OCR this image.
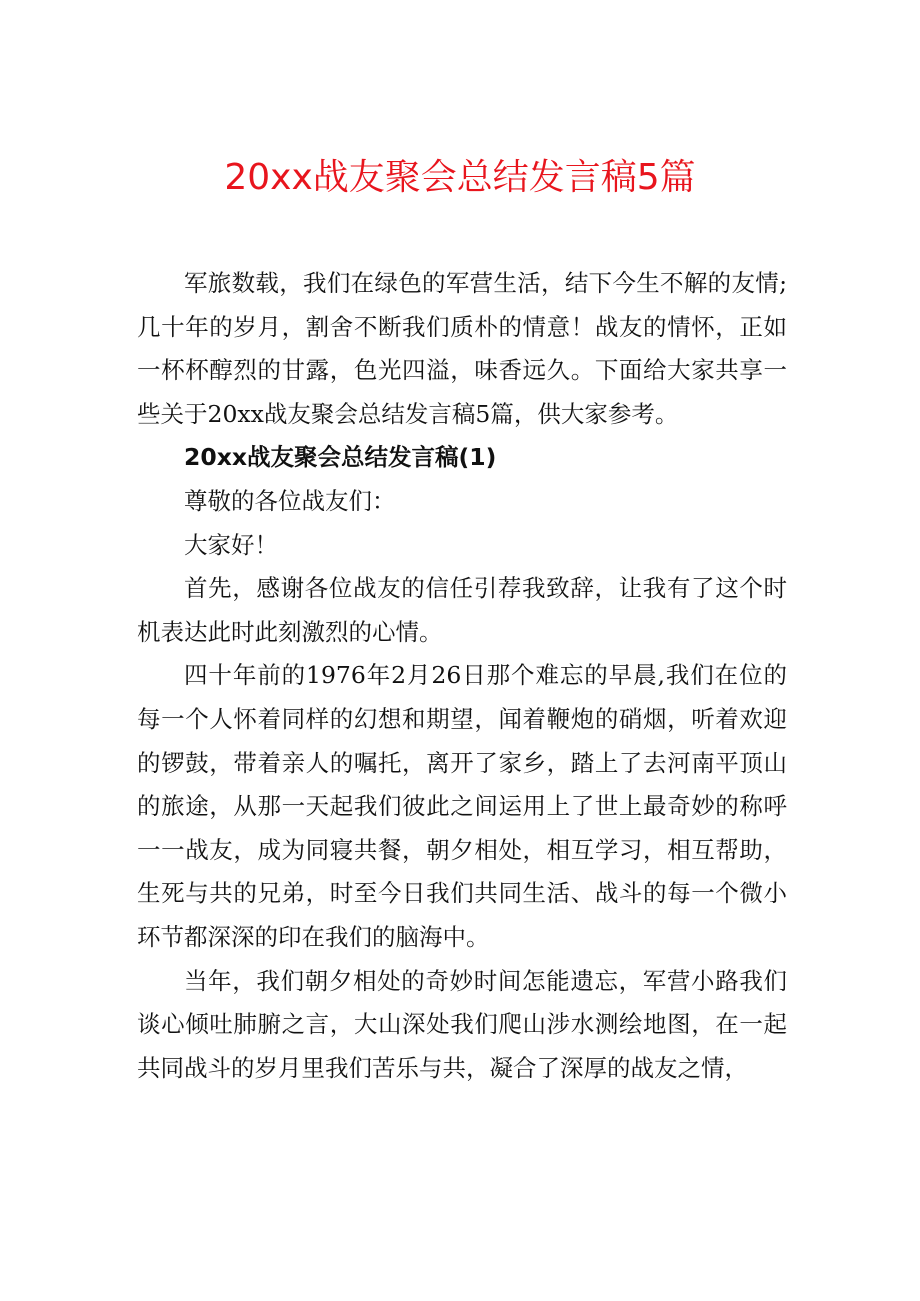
20xx战友聚会总结发言稿5篇

军旅数载，我们在绿色的军营生活，结下今生不解的友情;几十年的岁月，割舍不断我们质朴的情意！战友的情怀，正如一杯杯醇烈的甘露，色光四溢，味香远久。下面给大家共享一些关于20xx战友聚会总结发言稿5篇，供大家参考。

20xx战友聚会总结发言稿(1)

尊敬的各位战友们：

大家好！

首先，感谢各位战友的信任引荐我致辞，让我有了这个时机表达此时此刻激烈的心情。

四十年前的1976年2月26日那个难忘的早晨,我们在位的每一个人怀着同样的幻想和期望，闻着鞭炮的硝烟，听着欢迎的锣鼓，带着亲人的嘱托，离开了家乡，踏上了去河南平顶山的旅途，从那一天起我们彼此之间运用上了世上最奇妙的称呼一一战友，成为同寝共餐，朝夕相处，相互学习，相互帮助，生死与共的兄弟，时至今日我们共同生活、战斗的每一个微小环节都深深的印在我们的脑海中。

当年，我们朝夕相处的奇妙时间怎能遗忘，军营小路我们谈心倾吐肺腑之言，大山深处我们爬山涉水测绘地图，在一起共同战斗的岁月里我们苦乐与共，凝合了深厚的战友之情，
